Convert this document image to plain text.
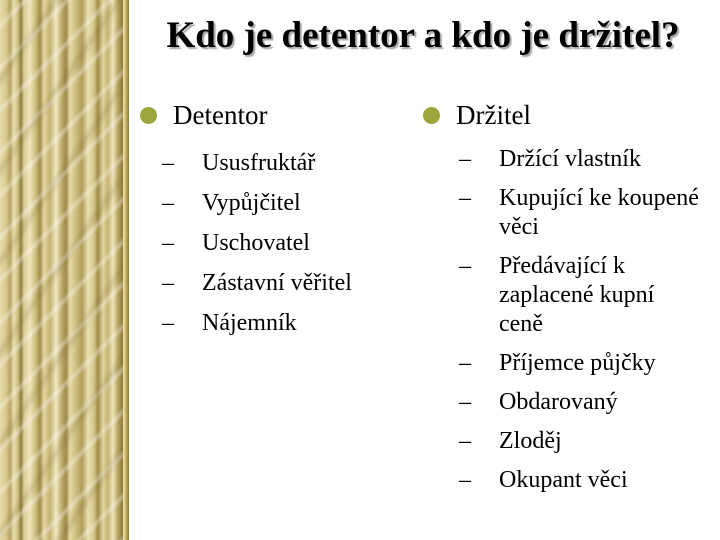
Kdo je detentor a kdo je držitel?
Detentor
–	Ususfruktář
–	Vypůjčitel
–	Uschovatel
–	Zástavní věřitel
–	Nájemník
Držitel
–	Držící vlastník
–	Kupující ke koupené věci
–	Předávající k zaplacené kupní ceně
–	Příjemce půjčky
–	Obdarovaný
–	Zloděj
–	Okupant věci
